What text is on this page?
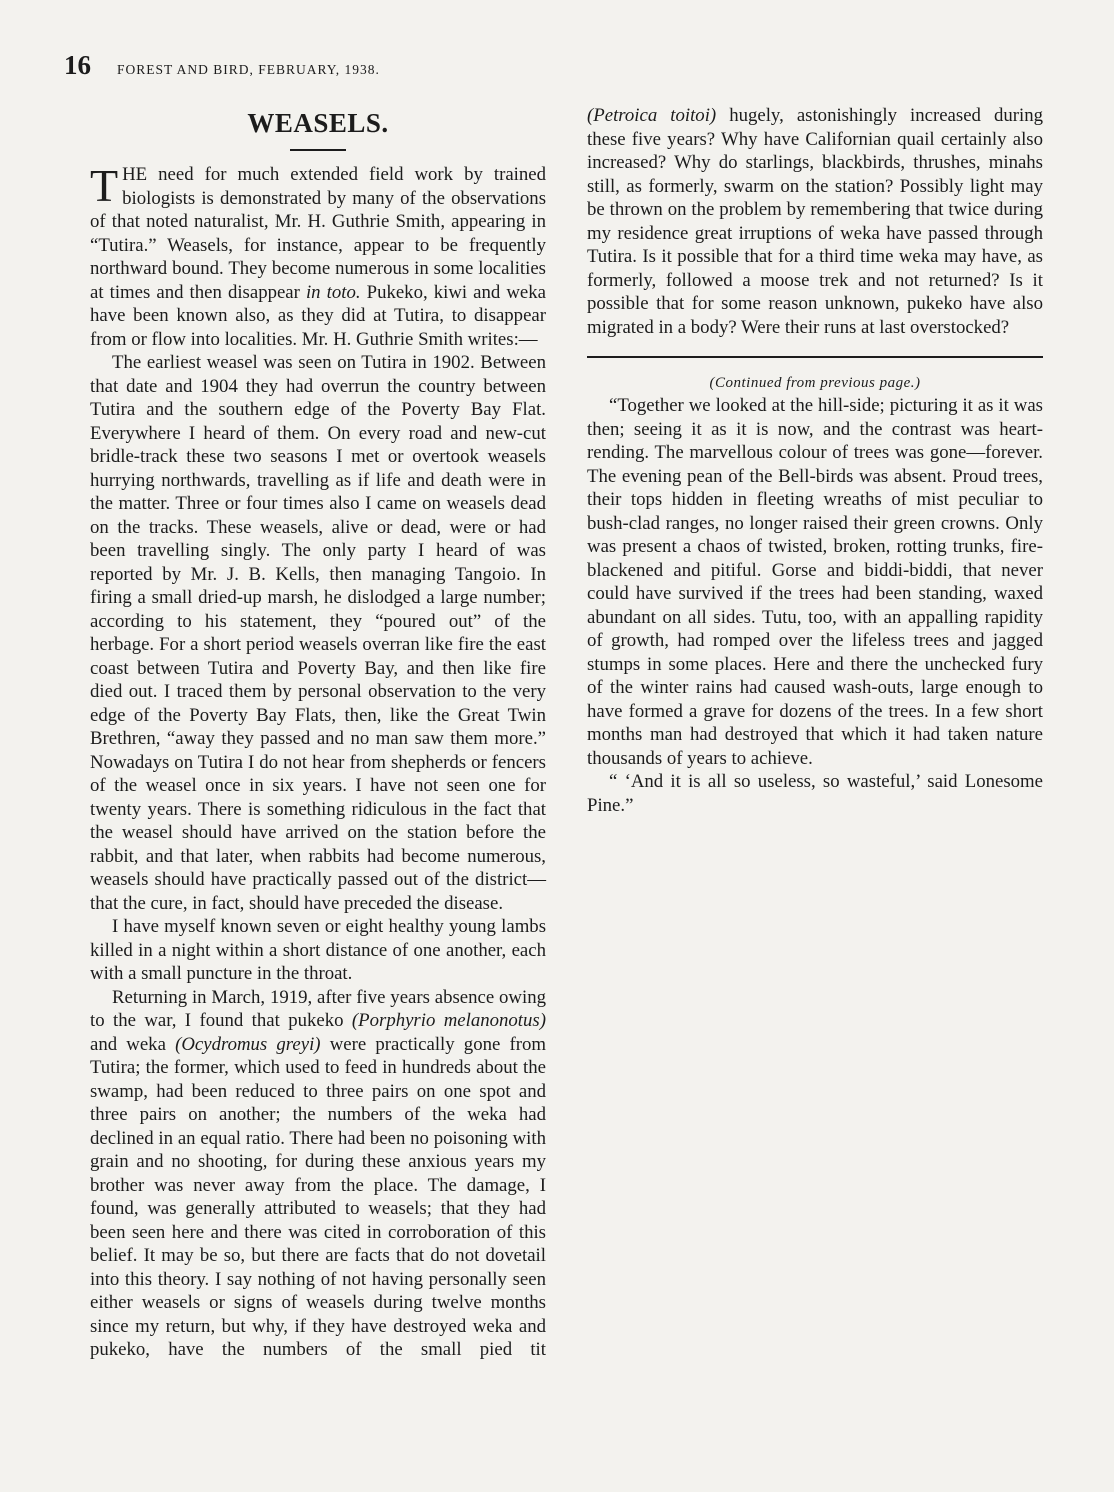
16 FOREST AND BIRD, FEBRUARY, 1938.
WEASELS.

THE need for much extended field work by trained biologists is demonstrated by many of the observations of that noted naturalist, Mr. H. Guthrie Smith, appearing in “Tutira.” Weasels, for instance, appear to be frequently northward bound. They become numerous in some localities at times and then disappear in toto. Pukeko, kiwi and weka have been known also, as they did at Tutira, to disappear from or flow into localities. Mr. H. Guthrie Smith writes:—

The earliest weasel was seen on Tutira in 1902. Between that date and 1904 they had overrun the country between Tutira and the southern edge of the Poverty Bay Flat. Everywhere I heard of them. On every road and new-cut bridle-track these two seasons I met or overtook weasels hurrying northwards, travelling as if life and death were in the matter. Three or four times also I came on weasels dead on the tracks. These weasels, alive or dead, were or had been travelling singly. The only party I heard of was reported by Mr. J. B. Kells, then managing Tangoio. In firing a small dried-up marsh, he dislodged a large number; according to his statement, they “poured out” of the herbage. For a short period weasels overran like fire the east coast between Tutira and Poverty Bay, and then like fire died out. I traced them by personal observation to the very edge of the Poverty Bay Flats, then, like the Great Twin Brethren, “away they passed and no man saw them more.” Nowadays on Tutira I do not hear from shepherds or fencers of the weasel once in six years. I have not seen one for twenty years. There is something ridiculous in the fact that the weasel should have arrived on the station before the rabbit, and that later, when rabbits had become numerous, weasels should have practically passed out of the district—that the cure, in fact, should have preceded the disease.

I have myself known seven or eight healthy young lambs killed in a night within a short distance of one another, each with a small puncture in the throat.

Returning in March, 1919, after five years absence owing to the war, I found that pukeko (Porphyrio melanonotus) and weka (Ocydromus greyi) were practically gone from Tutira; the former, which used to feed in hundreds about the swamp, had been reduced to three pairs on one spot and three pairs on another; the numbers of the weka had declined in an equal ratio. There had been no poisoning with grain and no shooting, for during these anxious years my brother was never away from the place. The damage, I found, was generally attributed to weasels; that they had been seen here and there was cited in corroboration of this belief. It may be so, but there are facts that do not dovetail into this theory. I say nothing of not having personally seen either weasels or signs of weasels during twelve months since my return, but why, if they have destroyed weka and pukeko, have the numbers of the small pied tit

(Petroica toitoi) hugely, astonishingly increased during these five years? Why have Californian quail certainly also increased? Why do starlings, blackbirds, thrushes, minahs still, as formerly, swarm on the station? Possibly light may be thrown on the problem by remembering that twice during my residence great irruptions of weka have passed through Tutira. Is it possible that for a third time weka may have, as formerly, followed a moose trek and not returned? Is it possible that for some reason unknown, pukeko have also migrated in a body? Were their runs at last overstocked?

(Continued from previous page.)

“Together we looked at the hill-side; picturing it as it was then; seeing it as it is now, and the contrast was heart-rending. The marvellous colour of trees was gone—forever. The evening pean of the Bell-birds was absent. Proud trees, their tops hidden in fleeting wreaths of mist peculiar to bush-clad ranges, no longer raised their green crowns. Only was present a chaos of twisted, broken, rotting trunks, fire-blackened and pitiful. Gorse and biddi-biddi, that never could have survived if the trees had been standing, waxed abundant on all sides. Tutu, too, with an appalling rapidity of growth, had romped over the lifeless trees and jagged stumps in some places. Here and there the unchecked fury of the winter rains had caused wash-outs, large enough to have formed a grave for dozens of the trees. In a few short months man had destroyed that which it had taken nature thousands of years to achieve.

“ ‘And it is all so useless, so wasteful,’ said Lonesome Pine.”
